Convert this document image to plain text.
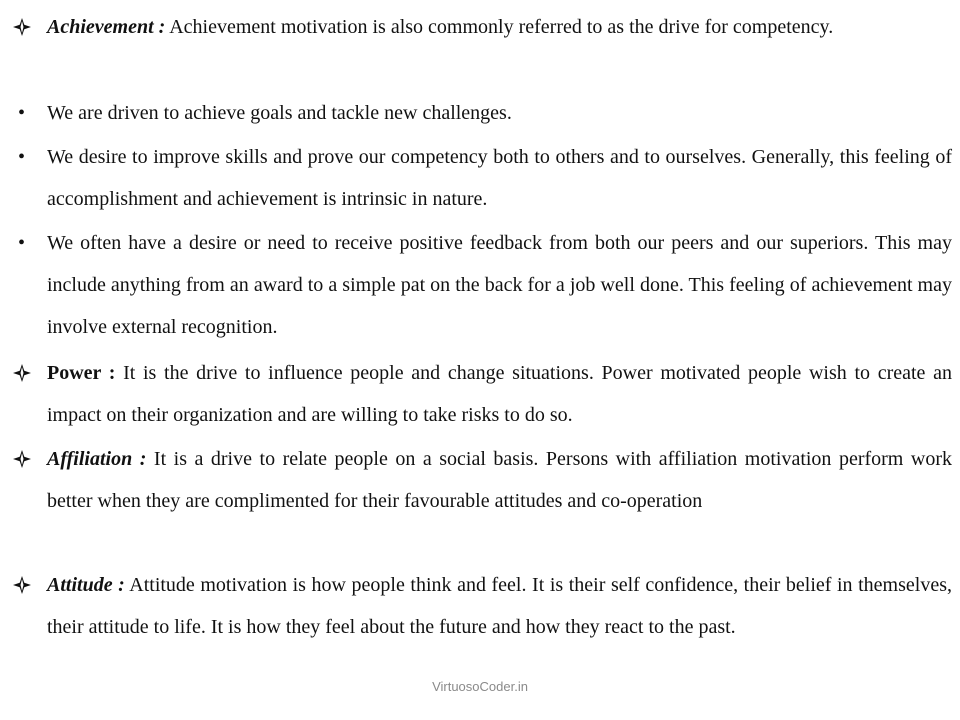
Achievement : Achievement motivation is also commonly referred to as the drive for competency.
• We are driven to achieve goals and tackle new challenges.
• We desire to improve skills and prove our competency both to others and to ourselves. Generally, this feeling of accomplishment and achievement is intrinsic in nature.
• We often have a desire or need to receive positive feedback from both our peers and our superiors. This may include anything from an award to a simple pat on the back for a job well done. This feeling of achievement may involve external recognition.
Power : It is the drive to influence people and change situations. Power motivated people wish to create an impact on their organization and are willing to take risks to do so.
Affiliation : It is a drive to relate people on a social basis. Persons with affiliation motivation perform work better when they are complimented for their favourable attitudes and co-operation
Attitude : Attitude motivation is how people think and feel. It is their self confidence, their belief in themselves, their attitude to life. It is how they feel about the future and how they react to the past.
VirtuosoCoder.in
